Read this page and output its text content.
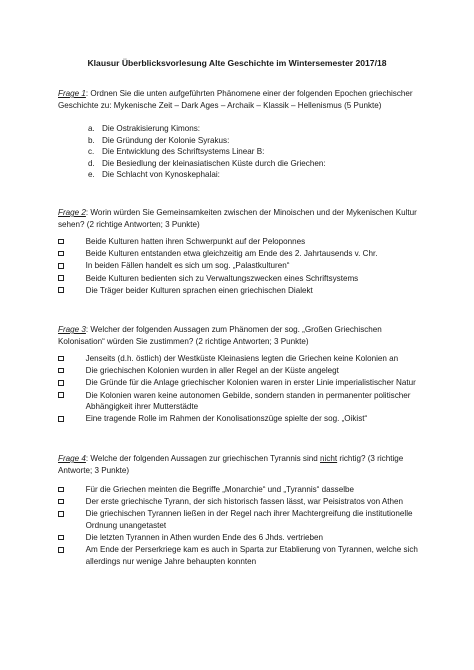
Klausur Überblicksvorlesung Alte Geschichte im Wintersemester 2017/18
Frage 1: Ordnen Sie die unten aufgeführten Phänomene einer der folgenden Epochen griechischer Geschichte zu: Mykenische Zeit – Dark Ages – Archaik – Klassik – Hellenismus (5 Punkte)
a. Die Ostrakisierung Kimons:
b. Die Gründung der Kolonie Syrakus:
c. Die Entwicklung des Schriftsystems Linear B:
d. Die Besiedlung der kleinasiatischen Küste durch die Griechen:
e. Die Schlacht von Kynoskephalai:
Frage 2: Worin würden Sie Gemeinsamkeiten zwischen der Minoischen und der Mykenischen Kultur sehen? (2 richtige Antworten; 3 Punkte)
Beide Kulturen hatten ihren Schwerpunkt auf der Peloponnes
Beide Kulturen entstanden etwa gleichzeitig am Ende des 2. Jahrtausends v. Chr.
In beiden Fällen handelt es sich um sog. „Palastkulturen“
Beide Kulturen bedienten sich zu Verwaltungszwecken eines Schriftsystems
Die Träger beider Kulturen sprachen einen griechischen Dialekt
Frage 3: Welcher der folgenden Aussagen zum Phänomen der sog. „Großen Griechischen Kolonisation“ würden Sie zustimmen? (2 richtige Antworten; 3 Punkte)
Jenseits (d.h. östlich) der Westküste Kleinasiens legten die Griechen keine Kolonien an
Die griechischen Kolonien wurden in aller Regel an der Küste angelegt
Die Gründe für die Anlage griechischer Kolonien waren in erster Linie imperialistischer Natur
Die Kolonien waren keine autonomen Gebilde, sondern standen in permanenter politischer Abhängigkeit ihrer Mutterstädte
Eine tragende Rolle im Rahmen der Konolisationszüge spielte der sog. „Oikist“
Frage 4: Welche der folgenden Aussagen zur griechischen Tyrannis sind nicht richtig? (3 richtige Antworte; 3 Punkte)
Für die Griechen meinten die Begriffe „Monarchie“ und „Tyrannis“ dasselbe
Der erste griechische Tyrann, der sich historisch fassen lässt, war Peisistratos von Athen
Die griechischen Tyrannen ließen in der Regel nach ihrer Machtergreifung die institutionelle Ordnung unangetastet
Die letzten Tyrannen in Athen wurden Ende des 6 Jhds. vertrieben
Am Ende der Perserkriege kam es auch in Sparta zur Etablierung von Tyrannen, welche sich allerdings nur wenige Jahre behaupten konnten
